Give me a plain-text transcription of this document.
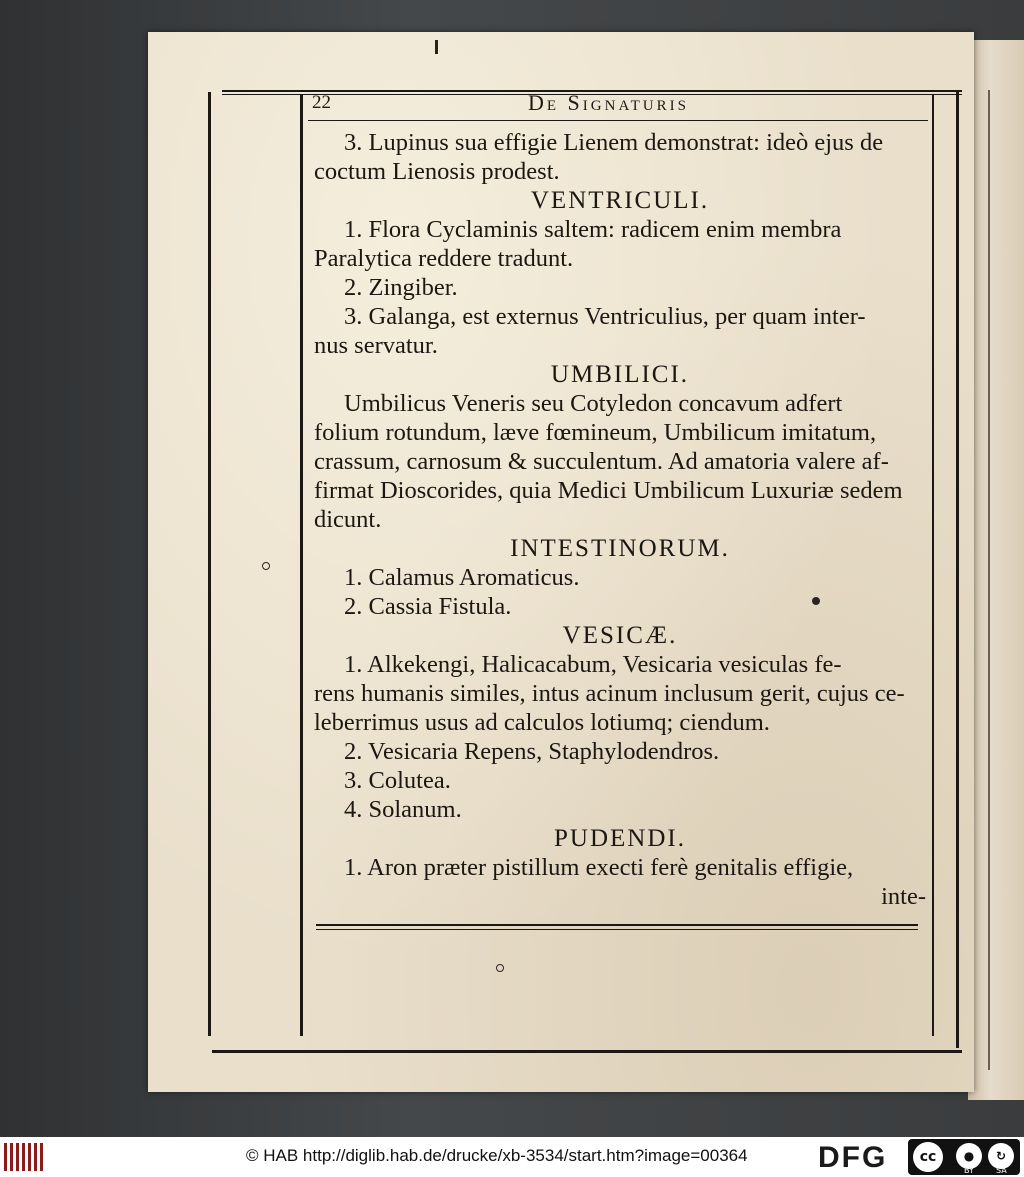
22	De Signaturis
3. Lupinus sua effigie Lienem demonstrat: ideò ejus de
coctum Lienosis prodest.
VENTRICULI.
1. Flora Cyclaminis saltem: radicem enim membra
Paralytica reddere tradunt.
2. Zingiber.
3. Galanga, est externus Ventriculius, per quam inter-
nus servatur.
UMBILICI.
Umbilicus Veneris seu Cotyledon concavum adfert
folium rotundum, læve fœmineum, Umbilicum imitatum,
crassum, carnosum & succulentum. Ad amatoria valere af-
firmat Dioscorides, quia Medici Umbilicum Luxuriæ sedem
dicunt.
INTESTINORUM.
1. Calamus Aromaticus.
2. Cassia Fistula.
VESICÆ.
1. Alkekengi, Halicacabum, Vesicaria vesiculas fe-
rens humanis similes, intus acinum inclusum gerit, cujus ce-
leberrimus usus ad calculos lotiumq; ciendum.
2. Vesicaria Repens, Staphylodendros.
3. Colutea.
4. Solanum.
PUDENDI.
1. Aron præter pistillum execti ferè genitalis effigie,
inte-
© HAB http://diglib.hab.de/drucke/xb-3534/start.htm?image=00364 DFG	cc	●	↻
BY	SA
